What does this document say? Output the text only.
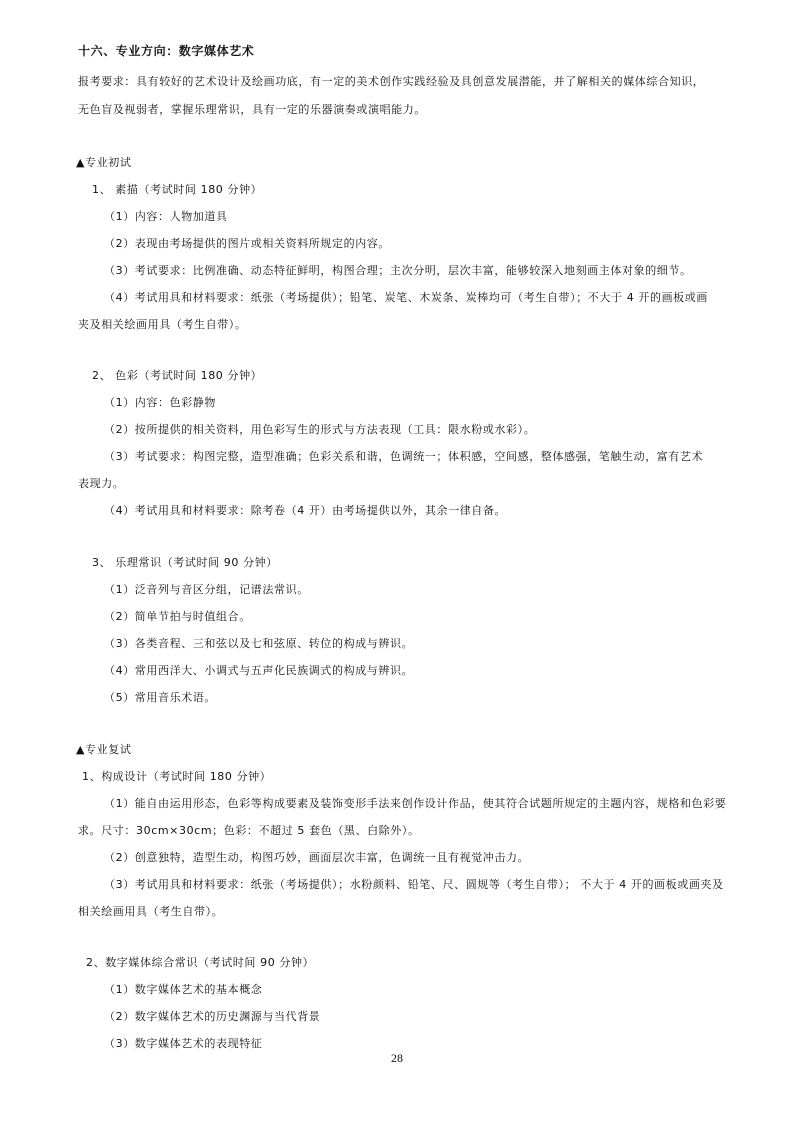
十六、专业方向：数字媒体艺术
报考要求：具有较好的艺术设计及绘画功底，有一定的美术创作实践经验及具创意发展潜能，并了解相关的媒体综合知识，
无色盲及视弱者，掌握乐理常识，具有一定的乐器演奏或演唱能力。
▲专业初试
1、 素描（考试时间 180 分钟）
（1）内容：人物加道具
（2）表现由考场提供的图片或相关资料所规定的内容。
（3）考试要求：比例准确、动态特征鲜明，构图合理；主次分明，层次丰富，能够较深入地刻画主体对象的细节。
（4）考试用具和材料要求：纸张（考场提供）；铅笔、炭笔、木炭条、炭棒均可（考生自带）；不大于 4 开的画板或画
夹及相关绘画用具（考生自带）。
2、 色彩（考试时间 180 分钟）
（1）内容：色彩静物
（2）按所提供的相关资料，用色彩写生的形式与方法表现（工具：限水粉或水彩）。
（3）考试要求：构图完整，造型准确；色彩关系和谐，色调统一；体积感，空间感，整体感强，笔触生动，富有艺术
表现力。
（4）考试用具和材料要求：除考卷（4 开）由考场提供以外，其余一律自备。
3、 乐理常识（考试时间 90 分钟）
（1）泛音列与音区分组，记谱法常识。
（2）简单节拍与时值组合。
（3）各类音程、三和弦以及七和弦原、转位的构成与辨识。
（4）常用西洋大、小调式与五声化民族调式的构成与辨识。
（5）常用音乐术语。
▲专业复试
1、构成设计（考试时间 180 分钟）
（1）能自由运用形态，色彩等构成要素及装饰变形手法来创作设计作品，使其符合试题所规定的主题内容，规格和色彩要
求。尺寸：30cm×30cm；色彩：不超过 5 套色（黑、白除外）。
（2）创意独特，造型生动，构图巧妙，画面层次丰富，色调统一且有视觉冲击力。
（3）考试用具和材料要求：纸张（考场提供）；水粉颜料、铅笔、尺、圆规等（考生自带）； 不大于 4 开的画板或画夹及
相关绘画用具（考生自带）。
2、数字媒体综合常识（考试时间 90 分钟）
（1）数字媒体艺术的基本概念
（2）数字媒体艺术的历史渊源与当代背景
（3）数字媒体艺术的表现特征
28
